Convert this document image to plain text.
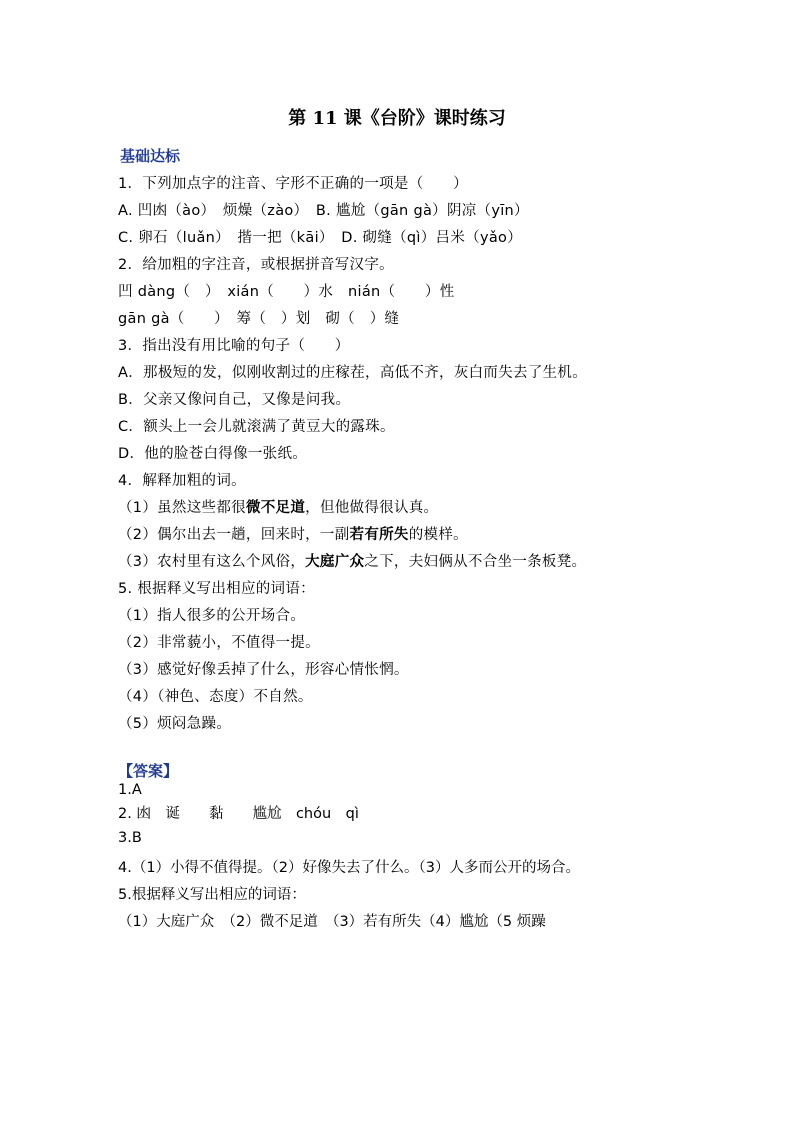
第 11 课《台阶》课时练习
基础达标
1．下列加点字的注音、字形不正确的一项是（　　）
A. 凹凼（ào）　烦燥（zào）　B. 尴尬（gān gà）阴凉（yīn）
C. 卵石（luǎn）　揩一把（kāi）　D. 砌缝（qì）吕米（yǎo）
2．给加粗的字注音，或根据拼音写汉字。
凹 dàng（　）　xián（　　）水　nián（　　）性
gān gà（　　）　筹（　）划　砌（　）缝
3．指出没有用比喻的句子（　　）
A．那极短的发，似刚收割过的庄稼茬，高低不齐，灰白而失去了生机。
B．父亲又像问自己，又像是问我。
C．额头上一会儿就滚满了黄豆大的露珠。
D．他的脸苍白得像一张纸。
4．解释加粗的词。
（1）虽然这些都很微不足道，但他做得很认真。
（2）偶尔出去一趟，回来时，一副若有所失的模样。
（3）农村里有这么个风俗，大庭广众之下，夫妇俩从不合坐一条板凳。
5. 根据释义写出相应的词语：
（1）指人很多的公开场合。
（2）非常藐小，不值得一提。
（3）感觉好像丢掉了什么，形容心情怅惘。
（4）（神色、态度）不自然。
（5）烦闷急躁。
【答案】
1.A
2. 凼　诞　　黏　　尴尬　chóu　qì
3.B
4.（1）小得不值得提。（2）好像失去了什么。（3）人多而公开的场合。
5.根据释义写出相应的词语：
（1）大庭广众　（2）微不足道　（3）若有所失（4）尴尬（5 烦躁
